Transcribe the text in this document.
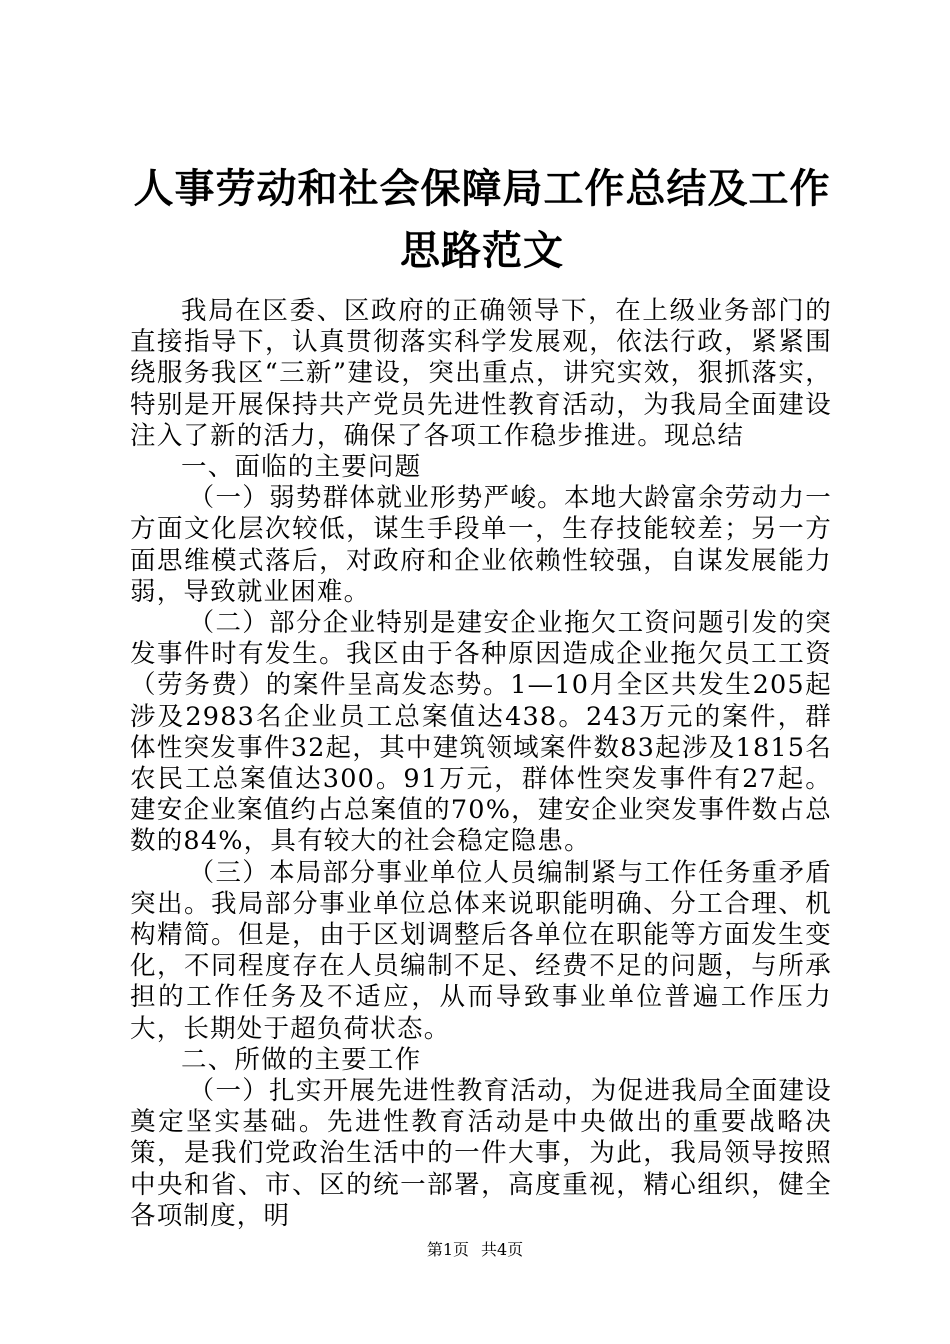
人事劳动和社会保障局工作总结及工作思路范文

我局在区委、区政府的正确领导下，在上级业务部门的直接指导下，认真贯彻落实科学发展观，依法行政，紧紧围绕服务我区“三新”建设，突出重点，讲究实效，狠抓落实，特别是开展保持共产党员先进性教育活动，为我局全面建设注入了新的活力，确保了各项工作稳步推进。现总结

一、面临的主要问题

（一）弱势群体就业形势严峻。本地大龄富余劳动力一方面文化层次较低，谋生手段单一，生存技能较差；另一方面思维模式落后，对政府和企业依赖性较强，自谋发展能力弱，导致就业困难。

（二）部分企业特别是建安企业拖欠工资问题引发的突发事件时有发生。我区由于各种原因造成企业拖欠员工工资（劳务费）的案件呈高发态势。1—10月全区共发生205起涉及2983名企业员工总案值达438。243万元的案件，群体性突发事件32起，其中建筑领域案件数83起涉及1815名农民工总案值达300。91万元，群体性突发事件有27起。建安企业案值约占总案值的70%，建安企业突发事件数占总数的84%，具有较大的社会稳定隐患。

（三）本局部分事业单位人员编制紧与工作任务重矛盾突出。我局部分事业单位总体来说职能明确、分工合理、机构精简。但是，由于区划调整后各单位在职能等方面发生变化，不同程度存在人员编制不足、经费不足的问题，与所承担的工作任务及不适应，从而导致事业单位普遍工作压力大，长期处于超负荷状态。

二、所做的主要工作

（一）扎实开展先进性教育活动，为促进我局全面建设奠定坚实基础。先进性教育活动是中央做出的重要战略决策，是我们党政治生活中的一件大事，为此，我局领导按照中央和省、市、区的统一部署，高度重视，精心组织，健全各项制度，明

第1页 共4页
